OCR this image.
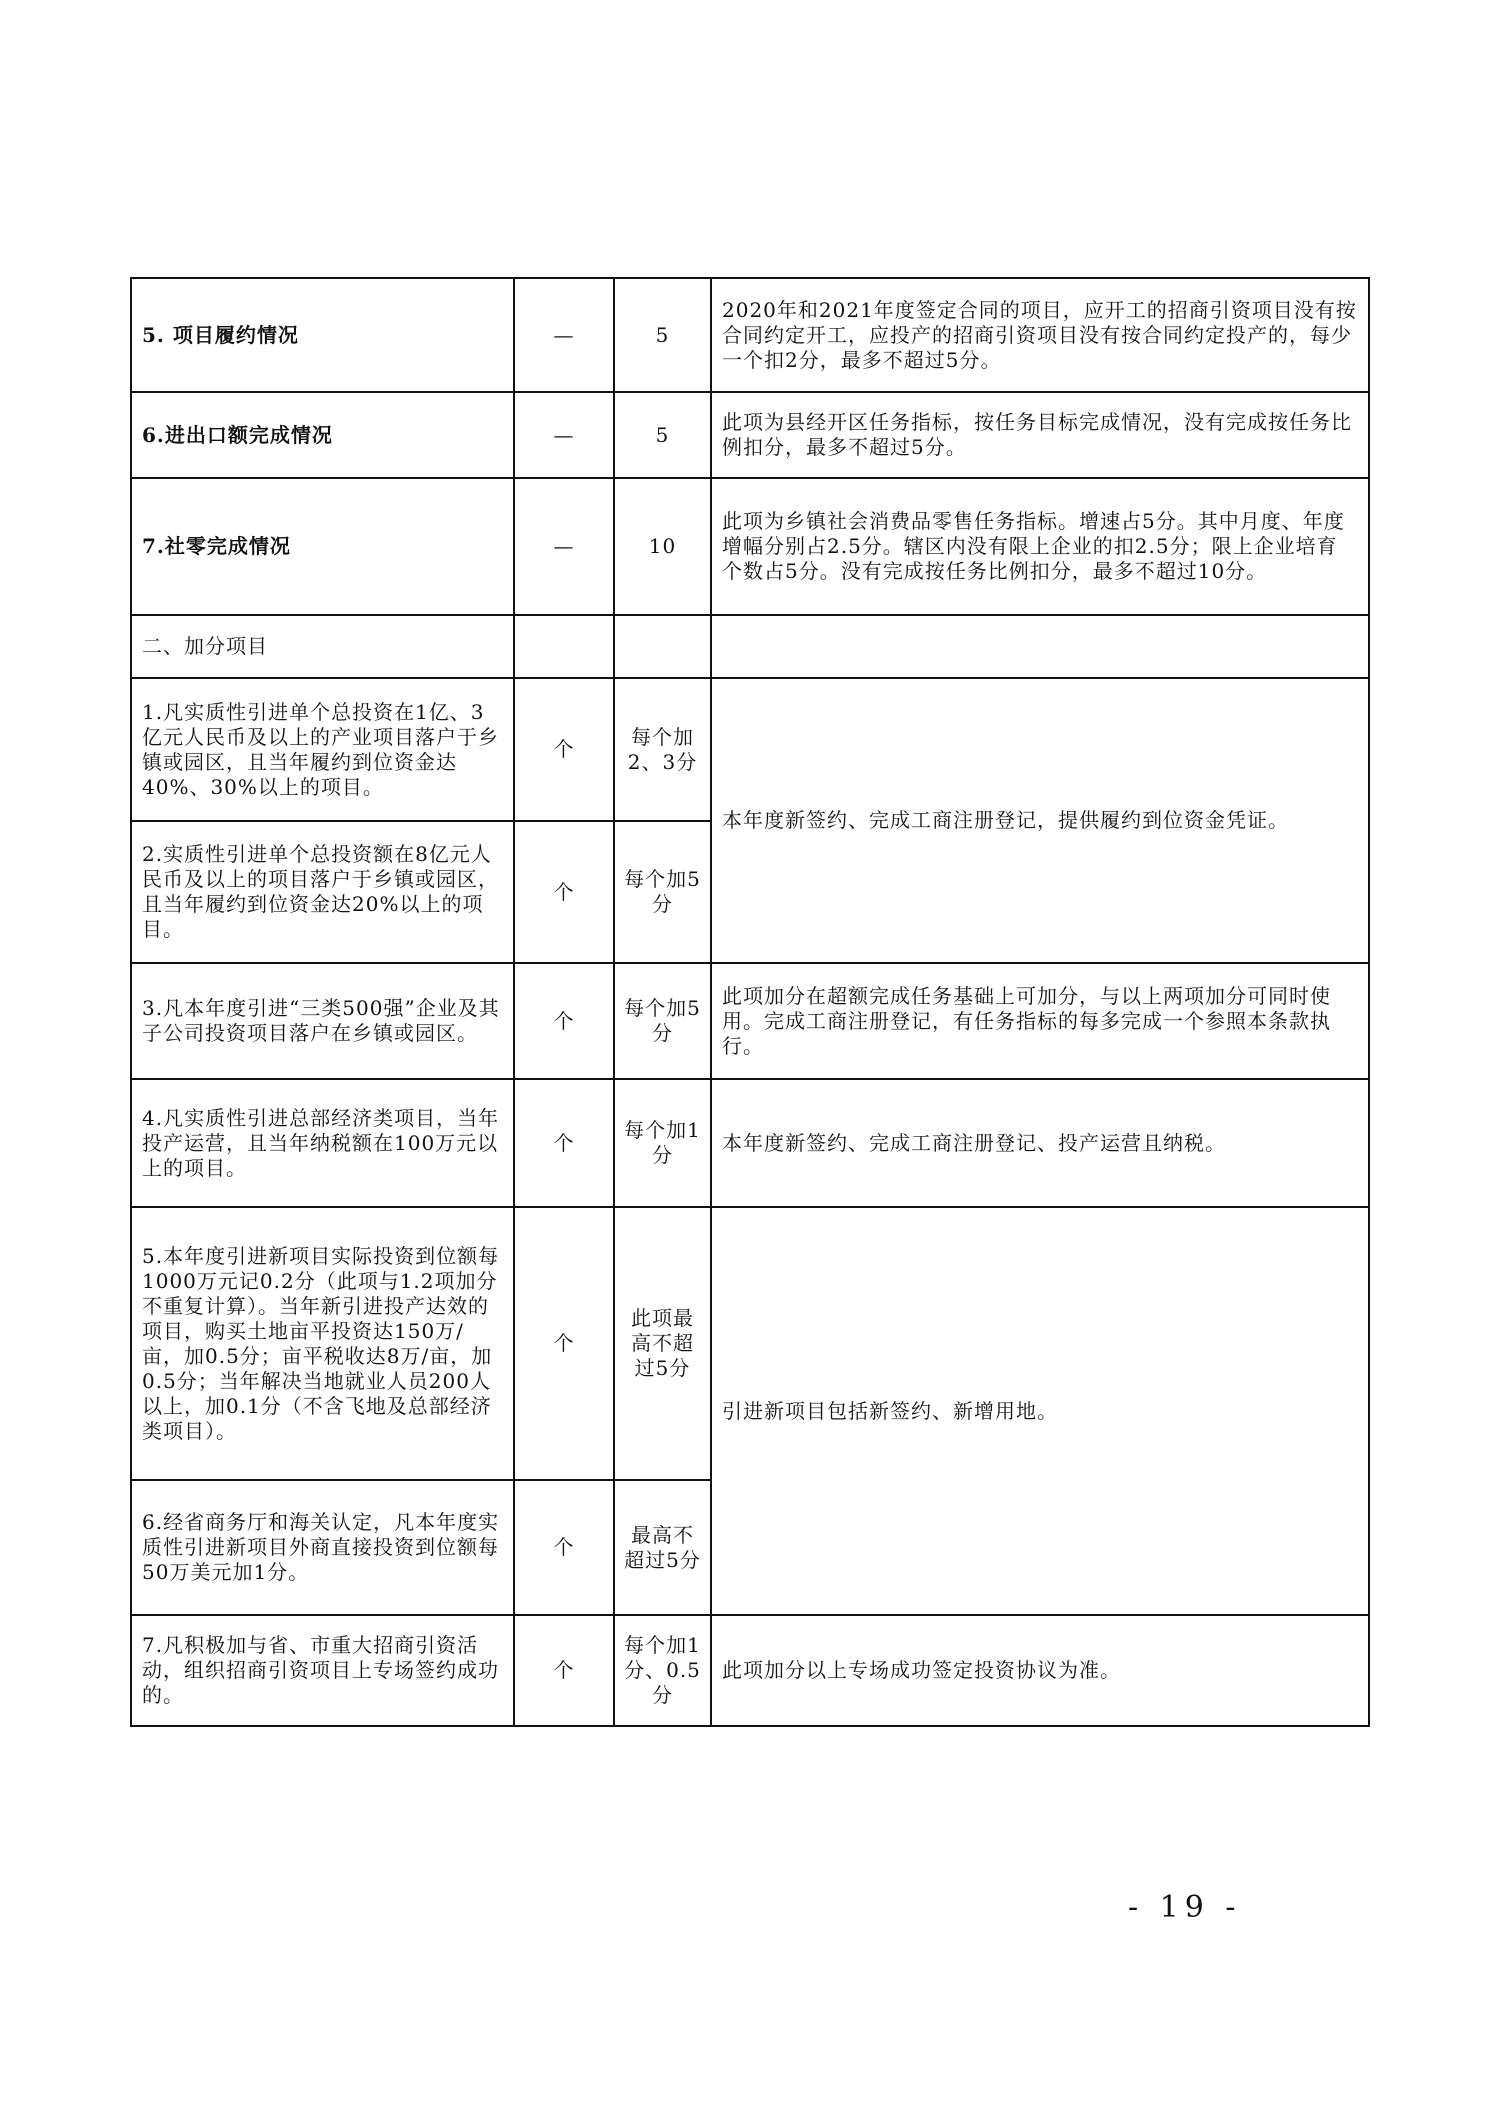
5. 项目履约情况	—	5	2020年和2021年度签定合同的项目，应开工的招商引资项目没有按合同约定开工，应投产的招商引资项目没有按合同约定投产的，每少一个扣2分，最多不超过5分。
6.进出口额完成情况	—	5	此项为县经开区任务指标，按任务目标完成情况，没有完成按任务比例扣分，最多不超过5分。
7.社零完成情况	—	10	此项为乡镇社会消费品零售任务指标。增速占5分。其中月度、年度增幅分别占2.5分。辖区内没有限上企业的扣2.5分；限上企业培育个数占5分。没有完成按任务比例扣分，最多不超过10分。
二、加分项目			
1.凡实质性引进单个总投资在1亿、3亿元人民币及以上的产业项目落户于乡镇或园区，且当年履约到位资金达40%、30%以上的项目。	个	每个加2、3分	本年度新签约、完成工商注册登记，提供履约到位资金凭证。
2.实质性引进单个总投资额在8亿元人民币及以上的项目落户于乡镇或园区，且当年履约到位资金达20%以上的项目。	个	每个加5分	
3.凡本年度引进“三类500强”企业及其子公司投资项目落户在乡镇或园区。	个	每个加5分	此项加分在超额完成任务基础上可加分，与以上两项加分可同时使用。完成工商注册登记，有任务指标的每多完成一个参照本条款执行。
4.凡实质性引进总部经济类项目，当年投产运营，且当年纳税额在100万元以上的项目。	个	每个加1分	本年度新签约、完成工商注册登记、投产运营且纳税。
5.本年度引进新项目实际投资到位额每1000万元记0.2分（此项与1.2项加分不重复计算）。当年新引进投产达效的项目，购买土地亩平投资达150万/亩，加0.5分；亩平税收达8万/亩，加0.5分；当年解决当地就业人员200人以上，加0.1分（不含飞地及总部经济类项目）。	个	此项最高不超过5分	引进新项目包括新签约、新增用地。
6.经省商务厅和海关认定，凡本年度实质性引进新项目外商直接投资到位额每50万美元加1分。	个	最高不超过5分	
7.凡积极加与省、市重大招商引资活动，组织招商引资项目上专场签约成功的。	个	每个加1分、0.5分	此项加分以上专场成功签定投资协议为准。
- 19 -
